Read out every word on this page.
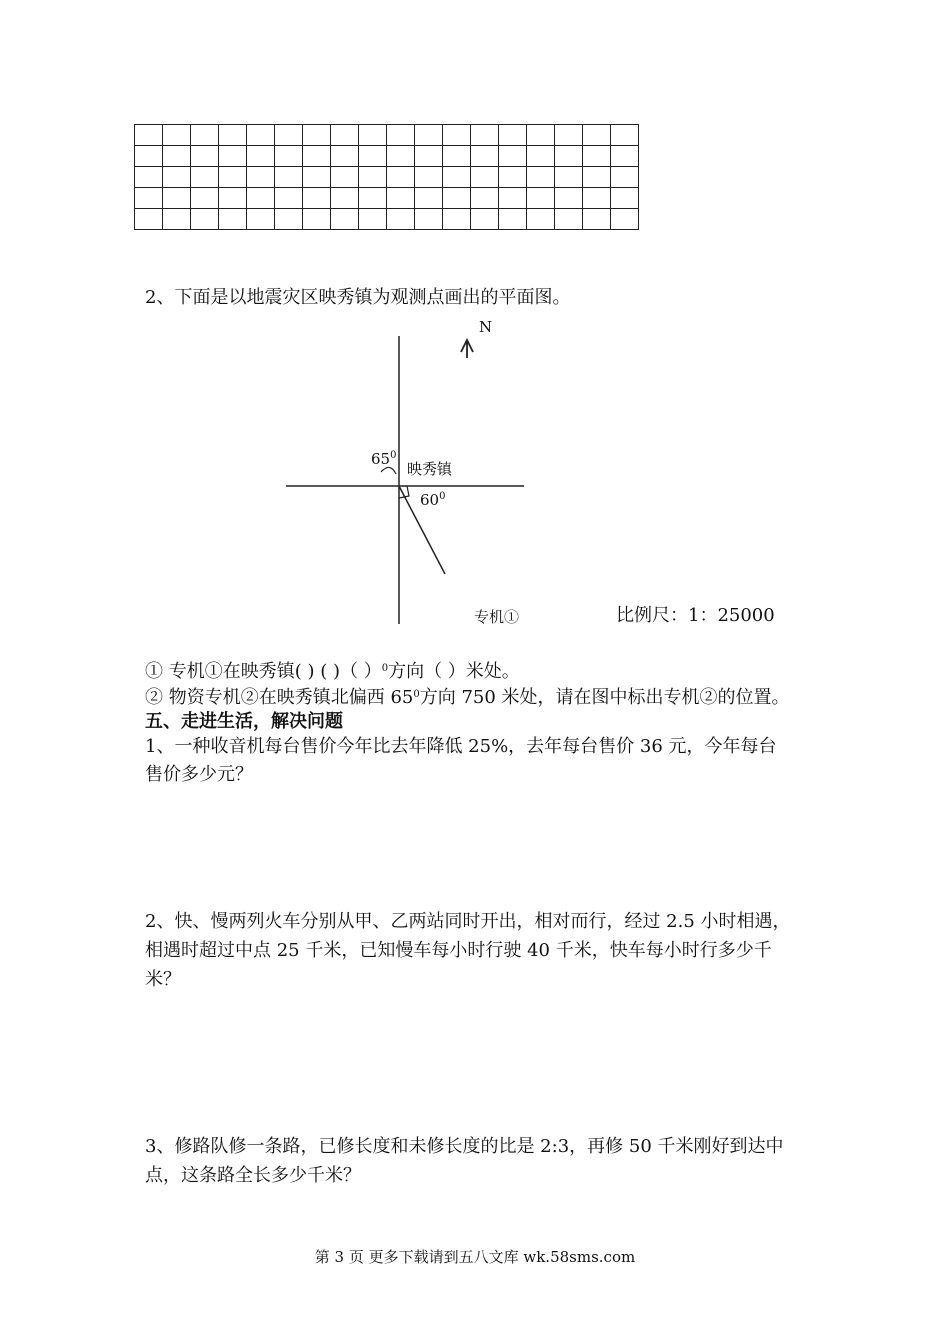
2、下面是以地震灾区映秀镇为观测点画出的平面图。
N
$65^0$
映秀镇
$60^0$
专机①	比例尺：1：25000
① 专机①在映秀镇( ) ( )（ ）$^0$方向（ ）米处。
② 物资专机②在映秀镇北偏西 $65^0$方向 750 米处，请在图中标出专机②的位置。
五、走进生活，解决问题
1、一种收音机每台售价今年比去年降低 25%，去年每台售价 36 元，今年每台
售价多少元？
2、快、慢两列火车分别从甲、乙两站同时开出，相对而行，经过 2.5 小时相遇，
相遇时超过中点 25 千米，已知慢车每小时行驶 40 千米，快车每小时行多少千
米？
3、修路队修一条路，已修长度和未修长度的比是 2:3，再修 50 千米刚好到达中
点，这条路全长多少千米？
第 3 页 更多下载请到五八文库 wk.58sms.com
